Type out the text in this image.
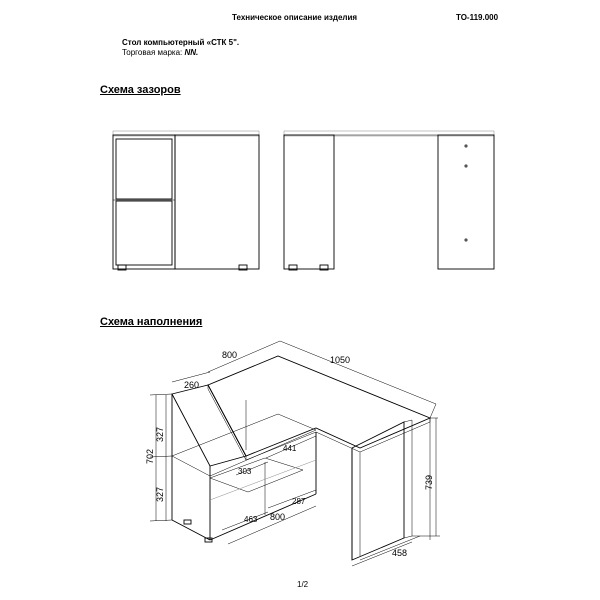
Техническое описание изделия	ТО-119.000
Стол компьютерный «СТК 5".
Торговая марка: NN.
Схема зазоров
Схема наполнения
800	1050
260
327
702
327
303
441
287
463 800
739
458
1/2
